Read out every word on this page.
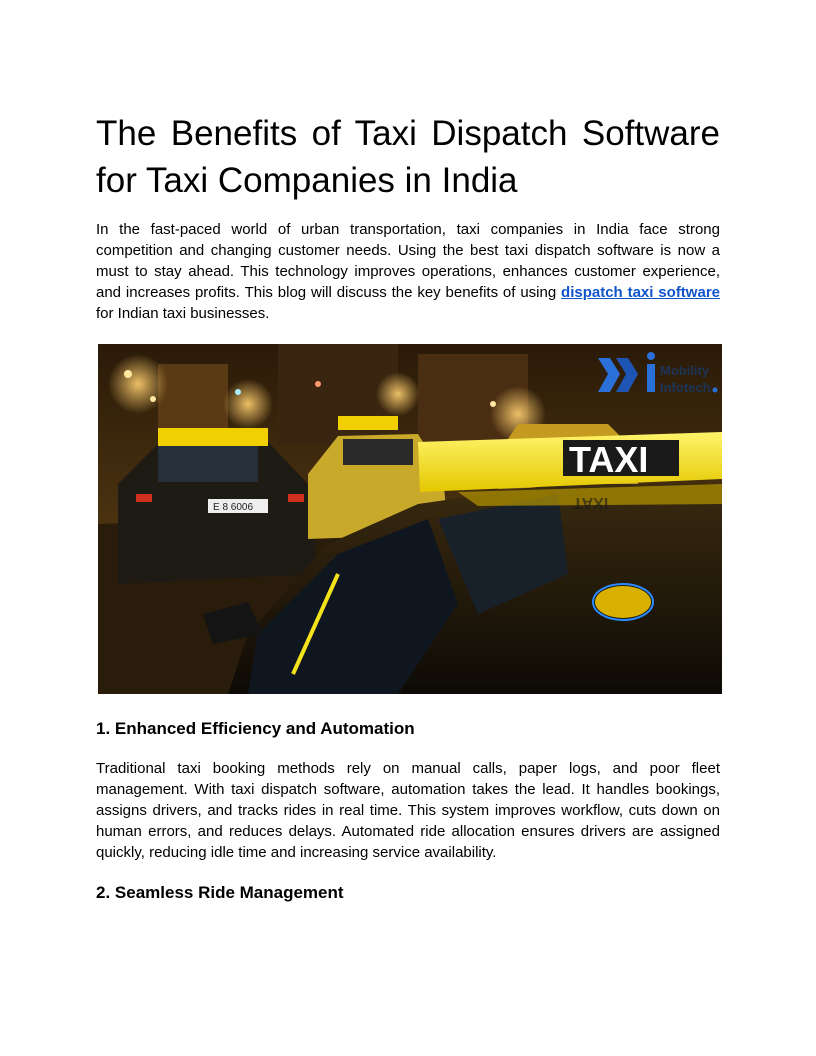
The Benefits of Taxi Dispatch Software for Taxi Companies in India

In the fast-paced world of urban transportation, taxi companies in India face strong competition and changing customer needs. Using the best taxi dispatch software is now a must to stay ahead. This technology improves operations, enhances customer experience, and increases profits. This blog will discuss the key benefits of using dispatch taxi software for Indian taxi businesses.

E 8 6006
TAXI
TAXI
Mobility
Infotech
1. Enhanced Efficiency and Automation

Traditional taxi booking methods rely on manual calls, paper logs, and poor fleet management. With taxi dispatch software, automation takes the lead. It handles bookings, assigns drivers, and tracks rides in real time. This system improves workflow, cuts down on human errors, and reduces delays. Automated ride allocation ensures drivers are assigned quickly, reducing idle time and increasing service availability.

2. Seamless Ride Management
